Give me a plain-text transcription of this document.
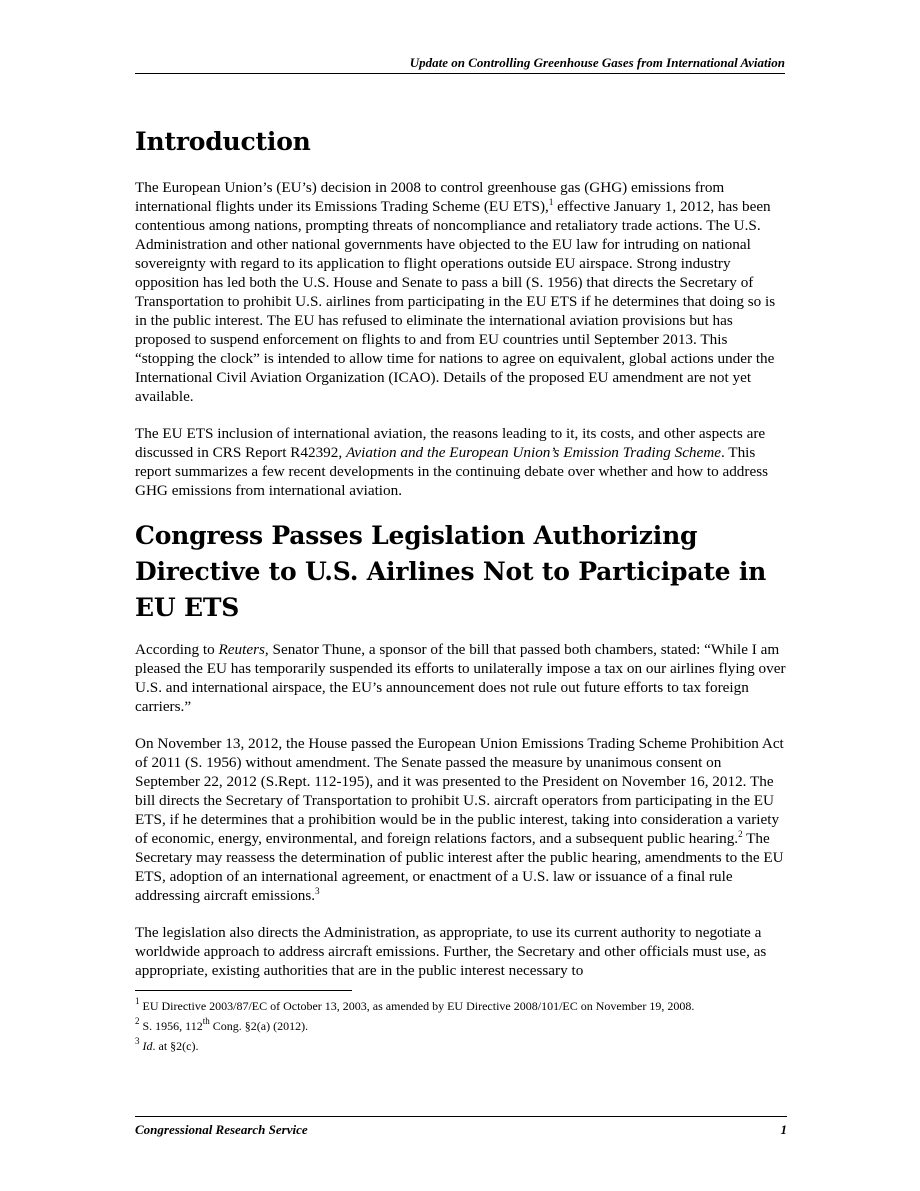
Update on Controlling Greenhouse Gases from International Aviation
Introduction

The European Union’s (EU’s) decision in 2008 to control greenhouse gas (GHG) emissions from international flights under its Emissions Trading Scheme (EU ETS),$^1$ effective January 1, 2012, has been contentious among nations, prompting threats of noncompliance and retaliatory trade actions. The U.S. Administration and other national governments have objected to the EU law for intruding on national sovereignty with regard to its application to flight operations outside EU airspace. Strong industry opposition has led both the U.S. House and Senate to pass a bill (S. 1956) that directs the Secretary of Transportation to prohibit U.S. airlines from participating in the EU ETS if he determines that doing so is in the public interest. The EU has refused to eliminate the international aviation provisions but has proposed to suspend enforcement on flights to and from EU countries until September 2013. This “stopping the clock” is intended to allow time for nations to agree on equivalent, global actions under the International Civil Aviation Organization (ICAO). Details of the proposed EU amendment are not yet available.

The EU ETS inclusion of international aviation, the reasons leading to it, its costs, and other aspects are discussed in CRS Report R42392, Aviation and the European Union’s Emission Trading Scheme. This report summarizes a few recent developments in the continuing debate over whether and how to address GHG emissions from international aviation.

Congress Passes Legislation Authorizing Directive to U.S. Airlines Not to Participate in EU ETS

According to Reuters, Senator Thune, a sponsor of the bill that passed both chambers, stated: “While I am pleased the EU has temporarily suspended its efforts to unilaterally impose a tax on our airlines flying over U.S. and international airspace, the EU’s announcement does not rule out future efforts to tax foreign carriers.”

On November 13, 2012, the House passed the European Union Emissions Trading Scheme Prohibition Act of 2011 (S. 1956) without amendment. The Senate passed the measure by unanimous consent on September 22, 2012 (S.Rept. 112-195), and it was presented to the President on November 16, 2012. The bill directs the Secretary of Transportation to prohibit U.S. aircraft operators from participating in the EU ETS, if he determines that a prohibition would be in the public interest, taking into consideration a variety of economic, energy, environmental, and foreign relations factors, and a subsequent public hearing.$^2$ The Secretary may reassess the determination of public interest after the public hearing, amendments to the EU ETS, adoption of an international agreement, or enactment of a U.S. law or issuance of a final rule addressing aircraft emissions.$^3$

The legislation also directs the Administration, as appropriate, to use its current authority to negotiate a worldwide approach to address aircraft emissions. Further, the Secretary and other officials must use, as appropriate, existing authorities that are in the public interest necessary to

$^1$ EU Directive 2003/87/EC of October 13, 2003, as amended by EU Directive 2008/101/EC on November 19, 2008.
$^2$ S. 1956, 112th Cong. §2(a) (2012).
$^3$ Id. at §2(c).
Congressional Research Service	1
